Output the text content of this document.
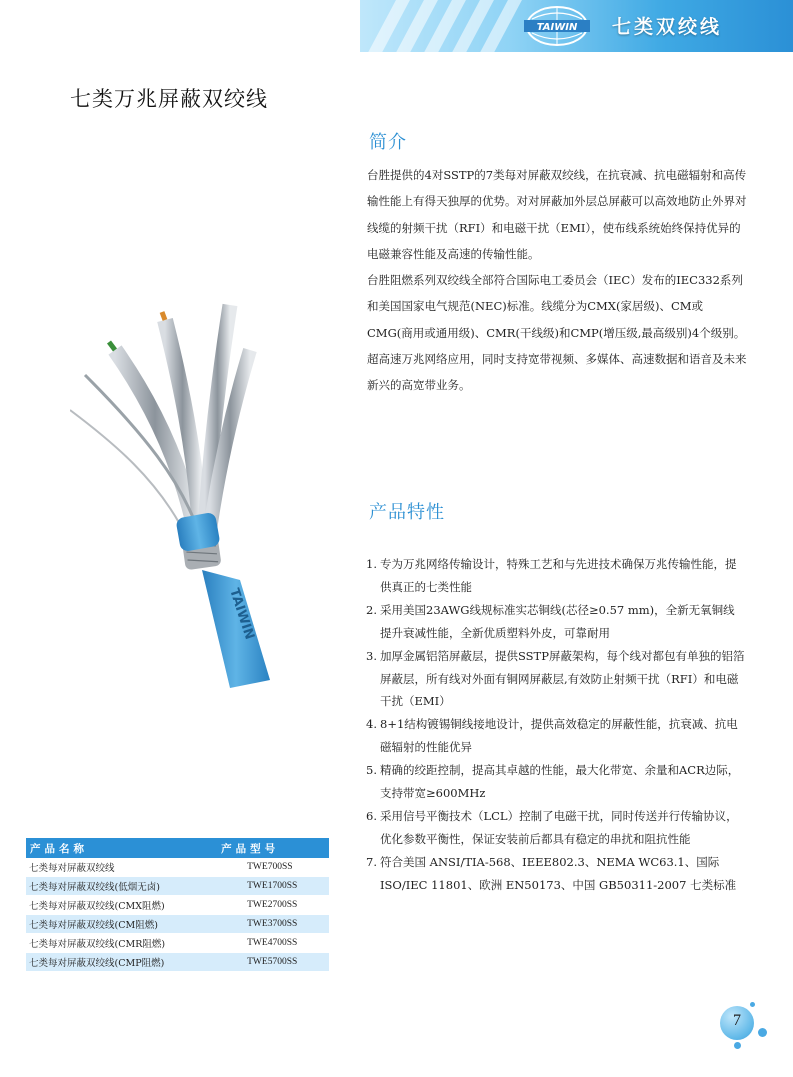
TAIWIN 七类双绞线
七类万兆屏蔽双绞线
简介

台胜提供的4对SSTP的7类每对屏蔽双绞线，在抗衰减、抗电磁辐射和高传输性能上有得天独厚的优势。对对屏蔽加外层总屏蔽可以高效地防止外界对线缆的射频干扰（RFI）和电磁干扰（EMI），使布线系统始终保持优异的电磁兼容性能及高速的传输性能。

台胜阻燃系列双绞线全部符合国际电工委员会（IEC）发布的IEC332系列和美国国家电气规范(NEC)标准。线缆分为CMX(家居级)、CM或CMG(商用或通用级)、CMR(干线级)和CMP(增压级,最高级别)4个级别。

超高速万兆网络应用，同时支持宽带视频、多媒体、高速数据和语音及未来新兴的高宽带业务。

产品特性
1. 专为万兆网络传输设计，特殊工艺和与先进技术确保万兆传输性能，提供真正的七类性能
2. 采用美国23AWG线规标准实芯铜线(芯径≥0.57 mm)，全新无氧铜线提升衰减性能，全新优质塑料外皮，可靠耐用
3. 加厚金属铝箔屏蔽层，提供SSTP屏蔽架构，每个线对都包有单独的铝箔屏蔽层，所有线对外面有铜网屏蔽层,有效防止射频干扰（RFI）和电磁干扰（EMI）
4. 8+1结构镀锡铜线接地设计，提供高效稳定的屏蔽性能，抗衰减、抗电磁辐射的性能优异
5. 精确的绞距控制，提高其卓越的性能，最大化带宽、余量和ACR边际，支持带宽≥600MHz
6. 采用信号平衡技术（LCL）控制了电磁干扰，同时传送并行传输协议，优化参数平衡性，保证安装前后都具有稳定的串扰和阻抗性能
7. 符合美国 ANSI/TIA-568、IEEE802.3、NEMA WC63.1、国际 ISO/IEC 11801、欧洲 EN50173、中国 GB50311-2007 七类标准
TAIWIN
产品名称	产品型号
七类每对屏蔽双绞线	TWE700SS
七类每对屏蔽双绞线(低烟无卤)	TWE1700SS
七类每对屏蔽双绞线(CMX阻燃)	TWE2700SS
七类每对屏蔽双绞线(CM阻燃)	TWE3700SS
七类每对屏蔽双绞线(CMR阻燃)	TWE4700SS
七类每对屏蔽双绞线(CMP阻燃)	TWE5700SS
7
